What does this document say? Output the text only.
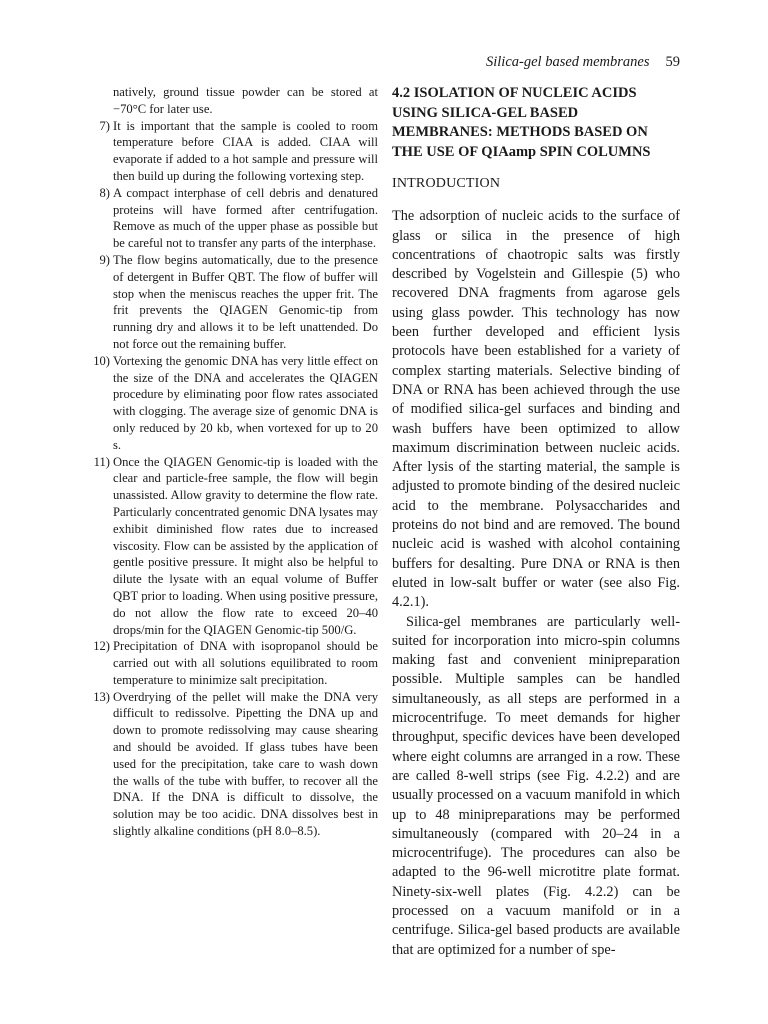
Silica-gel based membranes 59

natively, ground tissue powder can be stored at −70°C for later use.

7) It is important that the sample is cooled to room temperature before CIAA is added. CIAA will evaporate if added to a hot sample and pressure will then build up during the following vortexing step.
8) A compact interphase of cell debris and denatured proteins will have formed after centrifugation. Remove as much of the upper phase as possible but be careful not to transfer any parts of the interphase.
9) The flow begins automatically, due to the presence of detergent in Buffer QBT. The flow of buffer will stop when the meniscus reaches the upper frit. The frit prevents the QIAGEN Genomic-tip from running dry and allows it to be left unattended. Do not force out the remaining buffer.
10) Vortexing the genomic DNA has very little effect on the size of the DNA and accelerates the QIAGEN procedure by eliminating poor flow rates associated with clogging. The average size of genomic DNA is only reduced by 20 kb, when vortexed for up to 20 s.
11) Once the QIAGEN Genomic-tip is loaded with the clear and particle-free sample, the flow will begin unassisted. Allow gravity to determine the flow rate. Particularly concentrated genomic DNA lysates may exhibit diminished flow rates due to increased viscosity. Flow can be assisted by the application of gentle positive pressure. It might also be helpful to dilute the lysate with an equal volume of Buffer QBT prior to loading. When using positive pressure, do not allow the flow rate to exceed 20–40 drops/min for the QIAGEN Genomic-tip 500/G.
12) Precipitation of DNA with isopropanol should be carried out with all solutions equilibrated to room temperature to minimize salt precipitation.
13) Overdrying of the pellet will make the DNA very difficult to redissolve. Pipetting the DNA up and down to promote redissolving may cause shearing and should be avoided. If glass tubes have been used for the precipitation, take care to wash down the walls of the tube with buffer, to recover all the DNA. If the DNA is difficult to dissolve, the solution may be too acidic. DNA dissolves best in slightly alkaline conditions (pH 8.0–8.5).
4.2 ISOLATION OF NUCLEIC ACIDS USING SILICA-GEL BASED MEMBRANES: METHODS BASED ON THE USE OF QIAamp SPIN COLUMNS
INTRODUCTION

The adsorption of nucleic acids to the surface of glass or silica in the presence of high concentrations of chaotropic salts was firstly described by Vogelstein and Gillespie (5) who recovered DNA fragments from agarose gels using glass powder. This technology has now been further developed and efficient lysis protocols have been established for a variety of complex starting materials. Selective binding of DNA or RNA has been achieved through the use of modified silica-gel surfaces and binding and wash buffers have been optimized to allow maximum discrimination between nucleic acids. After lysis of the starting material, the sample is adjusted to promote binding of the desired nucleic acid to the membrane. Polysaccharides and proteins do not bind and are removed. The bound nucleic acid is washed with alcohol containing buffers for desalting. Pure DNA or RNA is then eluted in low-salt buffer or water (see also Fig. 4.2.1).

Silica-gel membranes are particularly well-suited for incorporation into micro-spin columns making fast and convenient minipreparation possible. Multiple samples can be handled simultaneously, as all steps are performed in a microcentrifuge. To meet demands for higher throughput, specific devices have been developed where eight columns are arranged in a row. These are called 8-well strips (see Fig. 4.2.2) and are usually processed on a vacuum manifold in which up to 48 minipreparations may be performed simultaneously (compared with 20–24 in a microcentrifuge). The procedures can also be adapted to the 96-well microtitre plate format. Ninety-six-well plates (Fig. 4.2.2) can be processed on a vacuum manifold or in a centrifuge. Silica-gel based products are available that are optimized for a number of spe-
